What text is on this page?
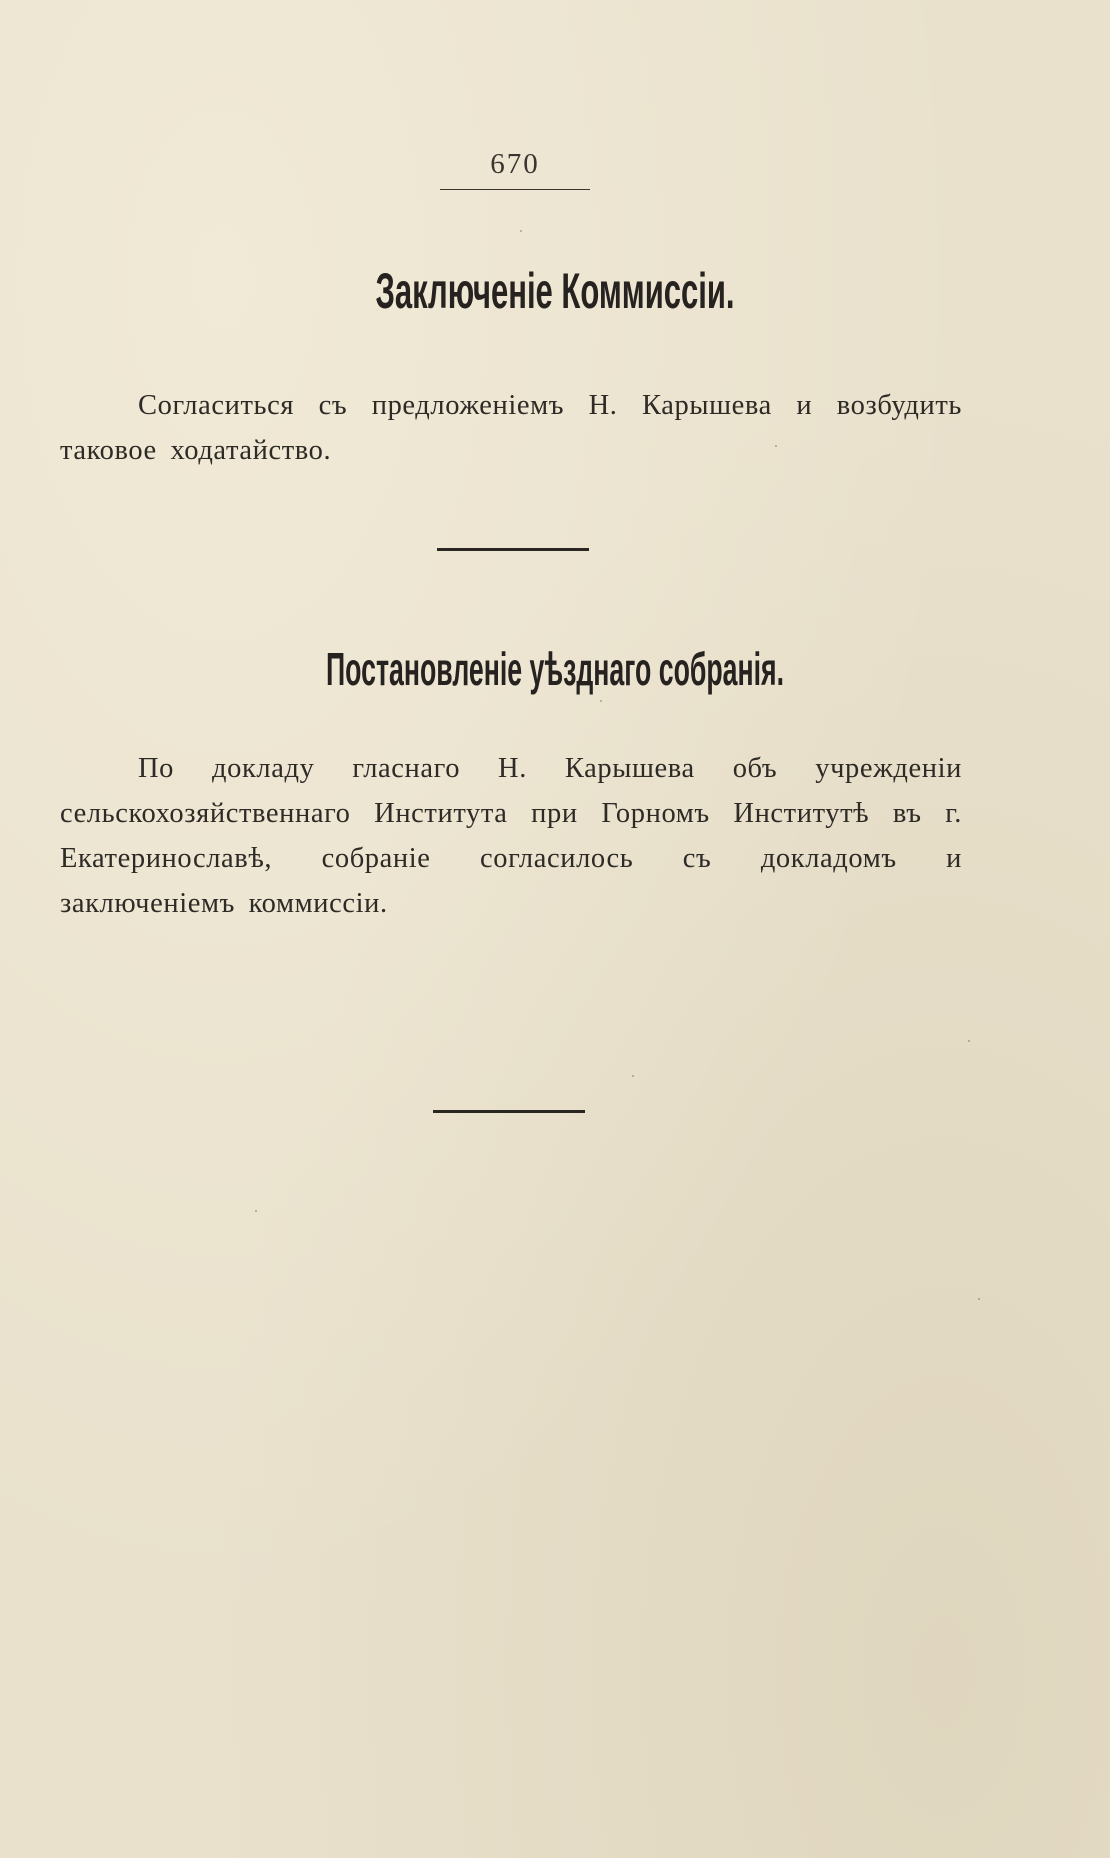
670
Заключеніе Коммиссіи.
Согласиться съ предложеніемъ Н. Карышева и возбудить таковое ходатайство.
Постановленіе уѣзднаго собранія.
По докладу гласнаго Н. Карышева объ учрежденіи сельскохозяйственнаго Института при Горномъ Институтѣ въ г. Екатеринославѣ, собраніе согласилось съ докладомъ и заключеніемъ коммиссіи.
